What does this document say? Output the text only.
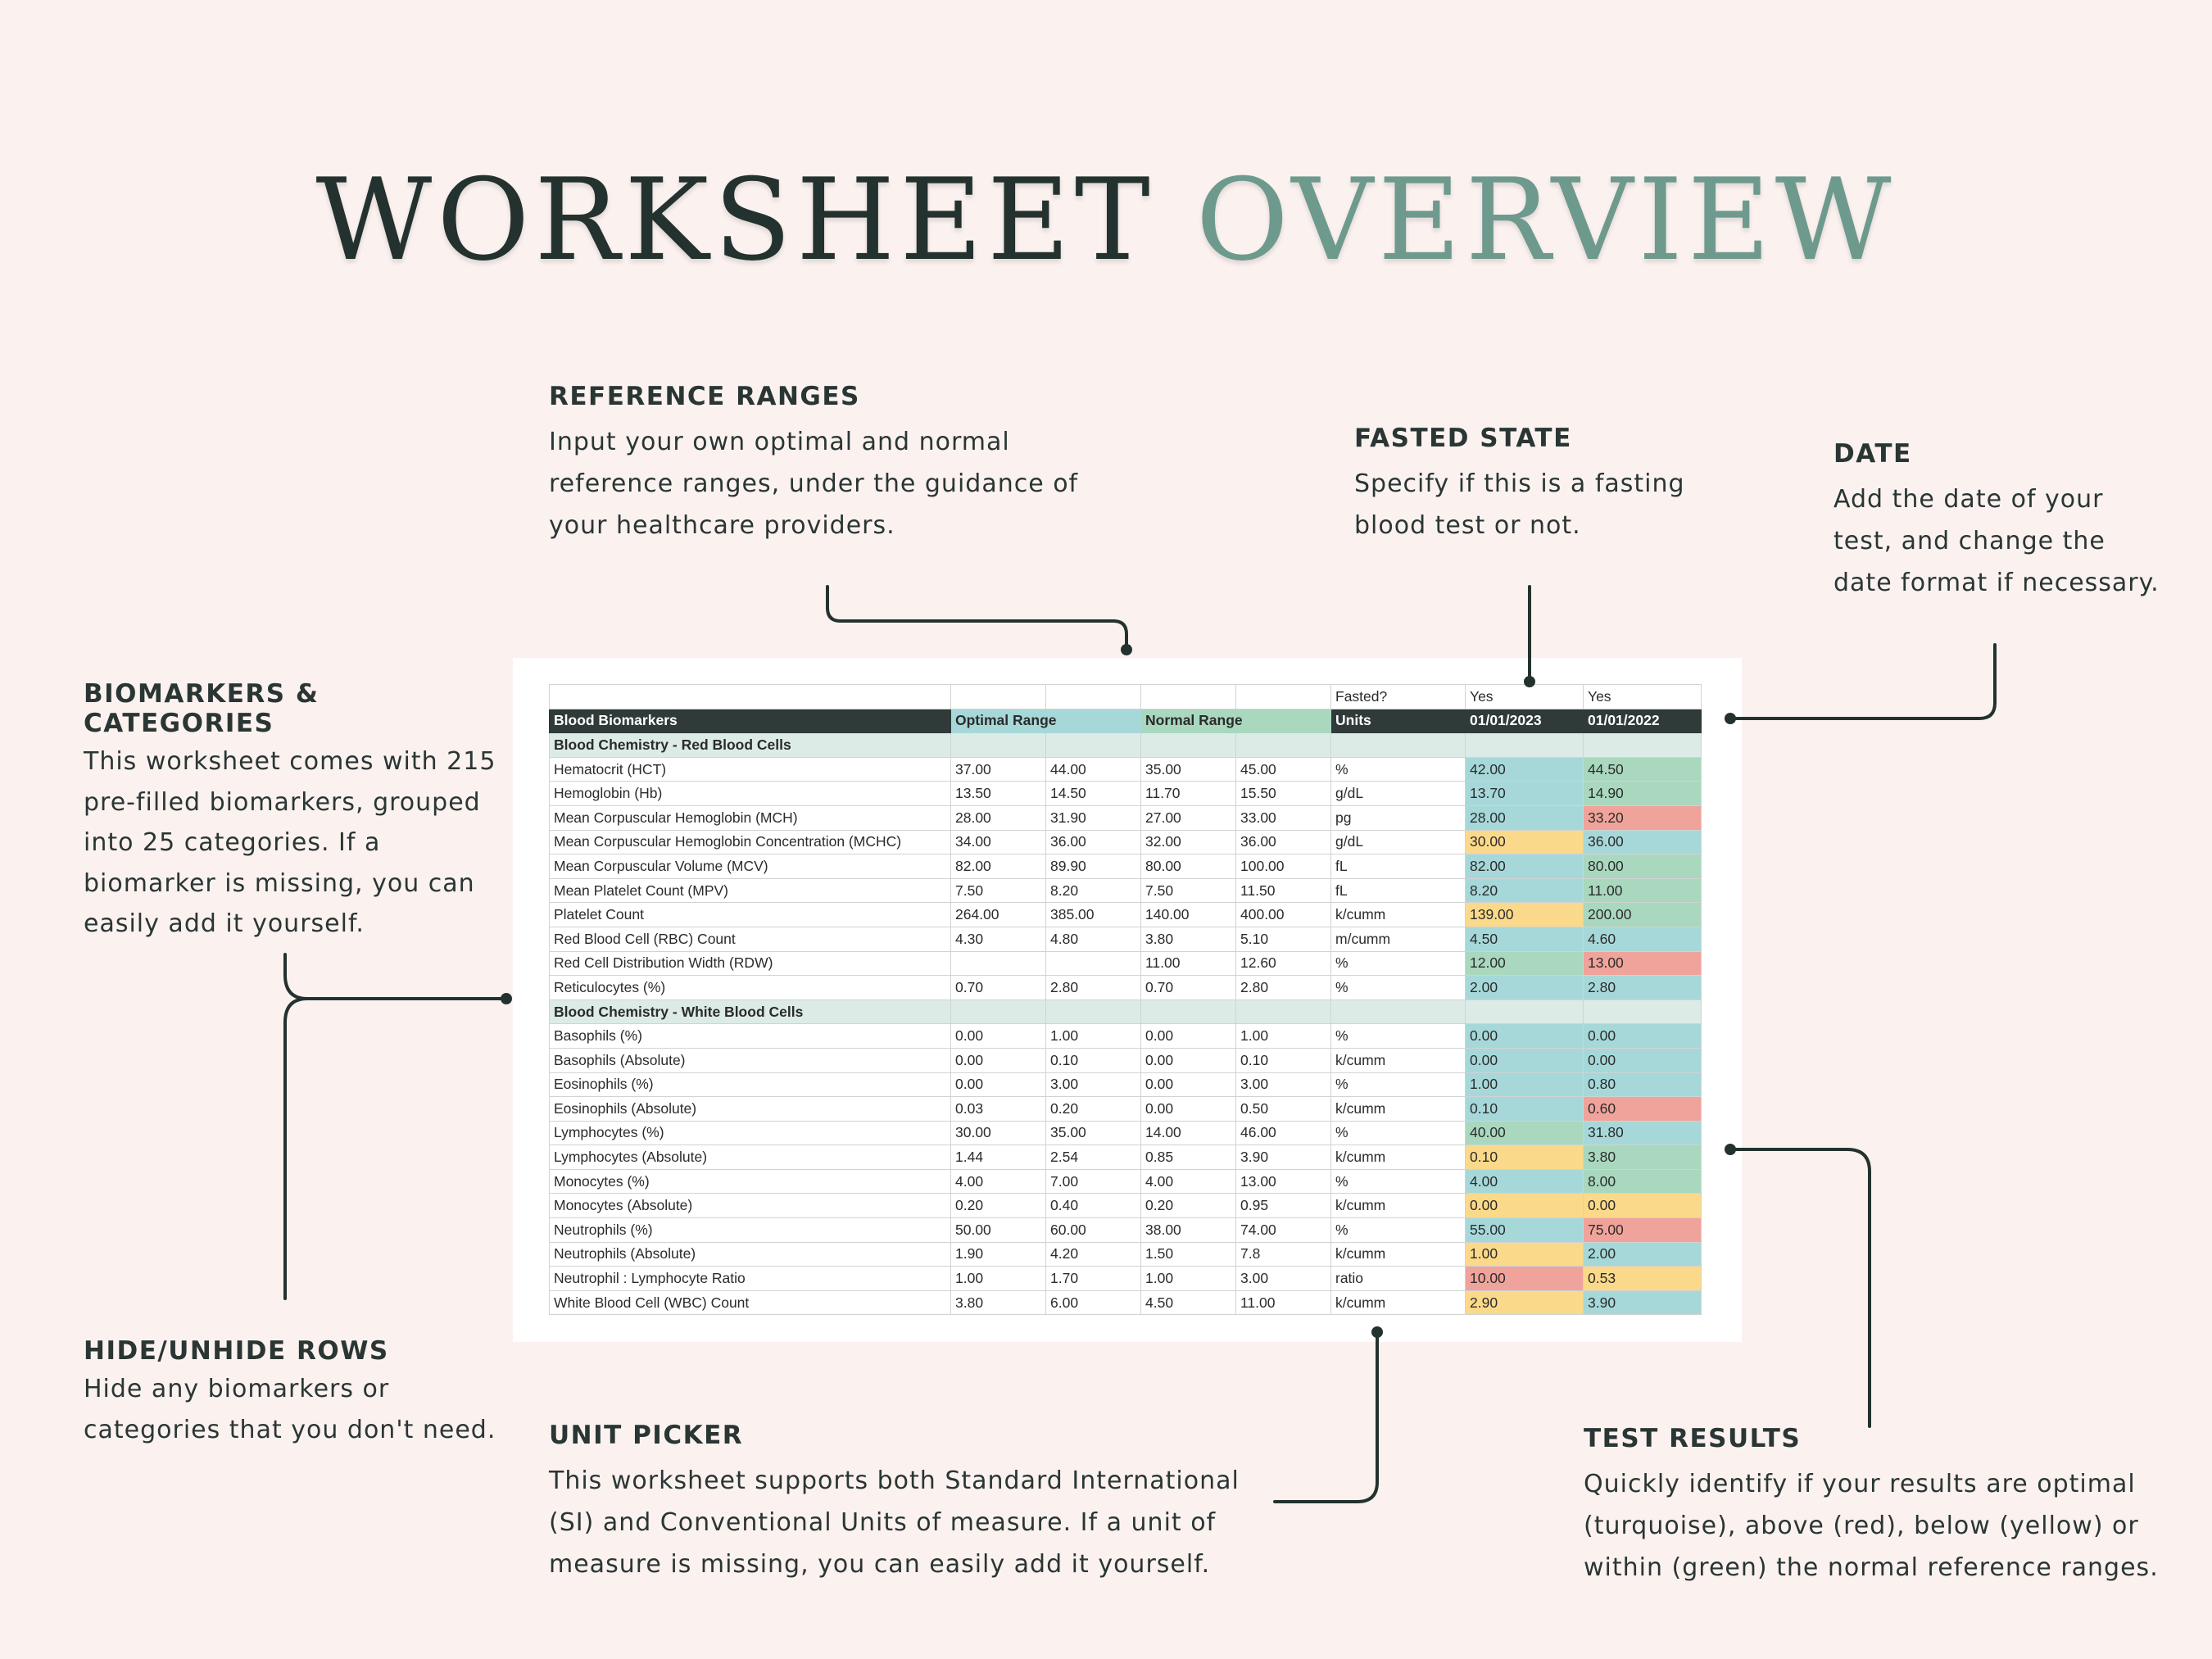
WORKSHEET OVERVIEW
REFERENCE RANGES

Input your own optimal and normal
reference ranges, under the guidance of
your healthcare providers.

FASTED STATE

Specify if this is a fasting
blood test or not.

DATE

Add the date of your
test, and change the
date format if necessary.

BIOMARKERS & CATEGORIES

This worksheet comes with 215
pre-filled biomarkers, grouped
into 25 categories. If a
biomarker is missing, you can
easily add it yourself.

HIDE/UNHIDE ROWS

Hide any biomarkers or
categories that you don't need.	UNIT PICKER

This worksheet supports both Standard International
(SI) and Conventional Units of measure. If a unit of
measure is missing, you can easily add it yourself.

TEST RESULTS

Quickly identify if your results are optimal
(turquoise), above (red), below (yellow) or
within (green) the normal reference ranges.

					Fasted?	Yes	Yes
Blood Biomarkers	Optimal Range		Normal Range		Units	01/01/2023	01/01/2022
Blood Chemistry - Red Blood Cells							
Hematocrit (HCT)	37.00	44.00	35.00	45.00	%	42.00	44.50
Hemoglobin (Hb)	13.50	14.50	11.70	15.50	g/dL	13.70	14.90
Mean Corpuscular Hemoglobin (MCH)	28.00	31.90	27.00	33.00	pg	28.00	33.20
Mean Corpuscular Hemoglobin Concentration (MCHC)	34.00	36.00	32.00	36.00	g/dL	30.00	36.00
Mean Corpuscular Volume (MCV)	82.00	89.90	80.00	100.00	fL	82.00	80.00
Mean Platelet Count (MPV)	7.50	8.20	7.50	11.50	fL	8.20	11.00
Platelet Count	264.00	385.00	140.00	400.00	k/cumm	139.00	200.00
Red Blood Cell (RBC) Count	4.30	4.80	3.80	5.10	m/cumm	4.50	4.60
Red Cell Distribution Width (RDW)			11.00	12.60	%	12.00	13.00
Reticulocytes (%)	0.70	2.80	0.70	2.80	%	2.00	2.80
Blood Chemistry - White Blood Cells							
Basophils (%)	0.00	1.00	0.00	1.00	%	0.00	0.00
Basophils (Absolute)	0.00	0.10	0.00	0.10	k/cumm	0.00	0.00
Eosinophils (%)	0.00	3.00	0.00	3.00	%	1.00	0.80
Eosinophils (Absolute)	0.03	0.20	0.00	0.50	k/cumm	0.10	0.60
Lymphocytes (%)	30.00	35.00	14.00	46.00	%	40.00	31.80
Lymphocytes (Absolute)	1.44	2.54	0.85	3.90	k/cumm	0.10	3.80
Monocytes (%)	4.00	7.00	4.00	13.00	%	4.00	8.00
Monocytes (Absolute)	0.20	0.40	0.20	0.95	k/cumm	0.00	0.00
Neutrophils (%)	50.00	60.00	38.00	74.00	%	55.00	75.00
Neutrophils (Absolute)	1.90	4.20	1.50	7.8	k/cumm	1.00	2.00
Neutrophil : Lymphocyte Ratio	1.00	1.70	1.00	3.00	ratio	10.00	0.53
White Blood Cell (WBC) Count	3.80	6.00	4.50	11.00	k/cumm	2.90	3.90
